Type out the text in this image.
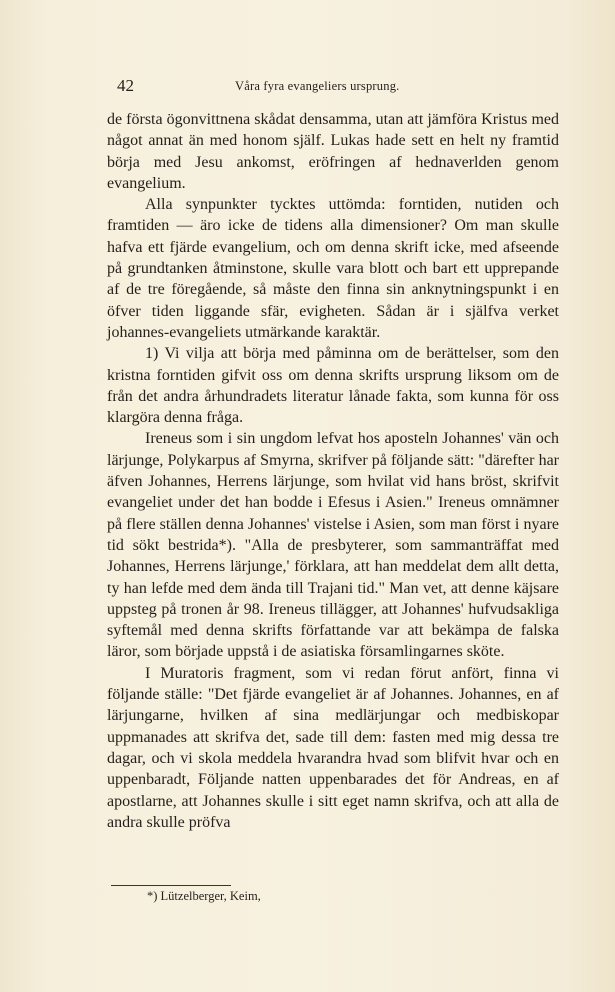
42	Våra fyra evangeliers ursprung.

de första ögonvittnena skådat densamma, utan att jämföra Kristus med något annat än med honom själf. Lukas hade sett en helt ny framtid börja med Jesu ankomst, eröfringen af hednaverlden genom evangelium.

Alla synpunkter tycktes uttömda: forntiden, nutiden och framtiden — äro icke de tidens alla dimensioner? Om man skulle hafva ett fjärde evangelium, och om denna skrift icke, med afseende på grundtanken åtminstone, skulle vara blott och bart ett upprepande af de tre föregående, så måste den finna sin anknytningspunkt i en öfver tiden liggande sfär, evigheten. Sådan är i själfva verket johannes-evangeliets utmärkande karaktär.

1) Vi vilja att börja med påminna om de berättelser, som den kristna forntiden gifvit oss om denna skrifts ursprung liksom om de från det andra århundradets literatur lånade fakta, som kunna för oss klargöra denna fråga.

Ireneus som i sin ungdom lefvat hos aposteln Johannes' vän och lärjunge, Polykarpus af Smyrna, skrifver på följande sätt: "därefter har äfven Johannes, Herrens lärjunge, som hvilat vid hans bröst, skrifvit evangeliet under det han bodde i Efesus i Asien." Ireneus omnämner på flere ställen denna Johannes' vistelse i Asien, som man först i nyare tid sökt bestrida*). "Alla de presbyterer, som sammanträffat med Johannes, Herrens lärjunge,' förklara, att han meddelat dem allt detta, ty han lefde med dem ända till Trajani tid." Man vet, att denne käjsare uppsteg på tronen år 98. Ireneus tillägger, att Johannes' hufvudsakliga syftemål med denna skrifts författande var att bekämpa de falska läror, som började uppstå i de asiatiska församlingarnes sköte.

I Muratoris fragment, som vi redan förut anfört, finna vi följande ställe: "Det fjärde evangeliet är af Johannes. Johannes, en af lärjungarne, hvilken af sina medlärjungar och medbiskopar uppmanades att skrifva det, sade till dem: fasten med mig dessa tre dagar, och vi skola meddela hvarandra hvad som blifvit hvar och en uppenbaradt, Följande natten uppenbarades det för Andreas, en af apostlarne, att Johannes skulle i sitt eget namn skrifva, och att alla de andra skulle pröfva

*) Lützelberger, Keim,
